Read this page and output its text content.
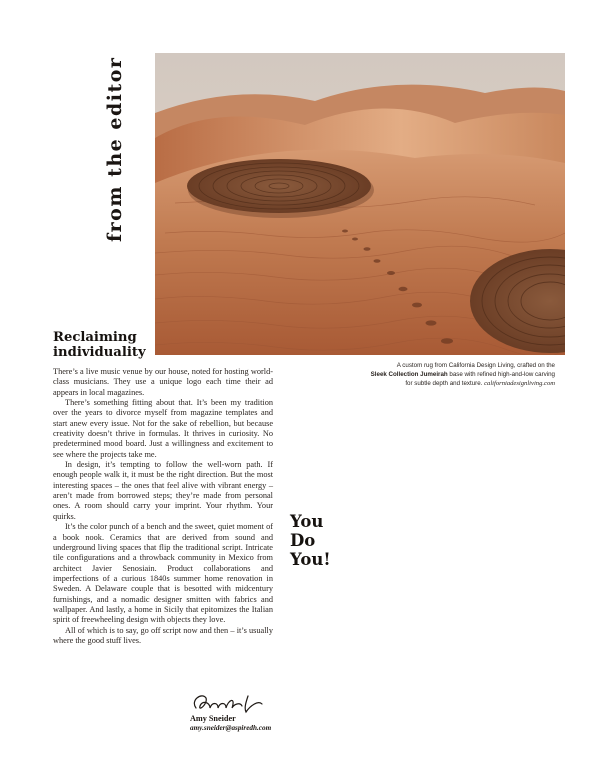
from the editor
Reclaiming individuality
A custom rug from California Design Living, crafted on the
Sleek Collection Jumeirah base with refined high-and-low carving
for subtle depth and texture. californiadesignliving.com

There’s a live music venue by our house, noted for hosting world-class musicians. They use a unique logo each time their ad appears in local magazines.

There’s something fitting about that. It’s been my tradition over the years to divorce myself from magazine templates and start anew every issue. Not for the sake of rebellion, but because creativity doesn’t thrive in formulas. It thrives in curiosity. No predetermined mood board. Just a willingness and excitement to see where the projects take me.

In design, it’s tempting to follow the well-worn path. If enough people walk it, it must be the right direction. But the most interesting spaces – the ones that feel alive with vibrant energy – aren’t made from borrowed steps; they’re made from personal ones. A room should carry your imprint. Your rhythm. Your quirks.

It’s the color punch of a bench and the sweet, quiet moment of a book nook. Ceramics that are derived from sound and underground living spaces that flip the traditional script. Intricate tile configurations and a throwback community in Mexico from architect Javier Senosiain. Product collaborations and imperfections of a curious 1840s summer home renovation in Sweden. A Delaware couple that is besotted with midcentury furnishings, and a nomadic designer smitten with fabrics and wallpaper. And lastly, a home in Sicily that epitomizes the Italian spirit of freewheeling design with objects they love.

All of which is to say, go off script now and then – it’s usually where the good stuff lives.

You
Do
You!
Amy Sneider
amy.sneider@aspiredh.com
